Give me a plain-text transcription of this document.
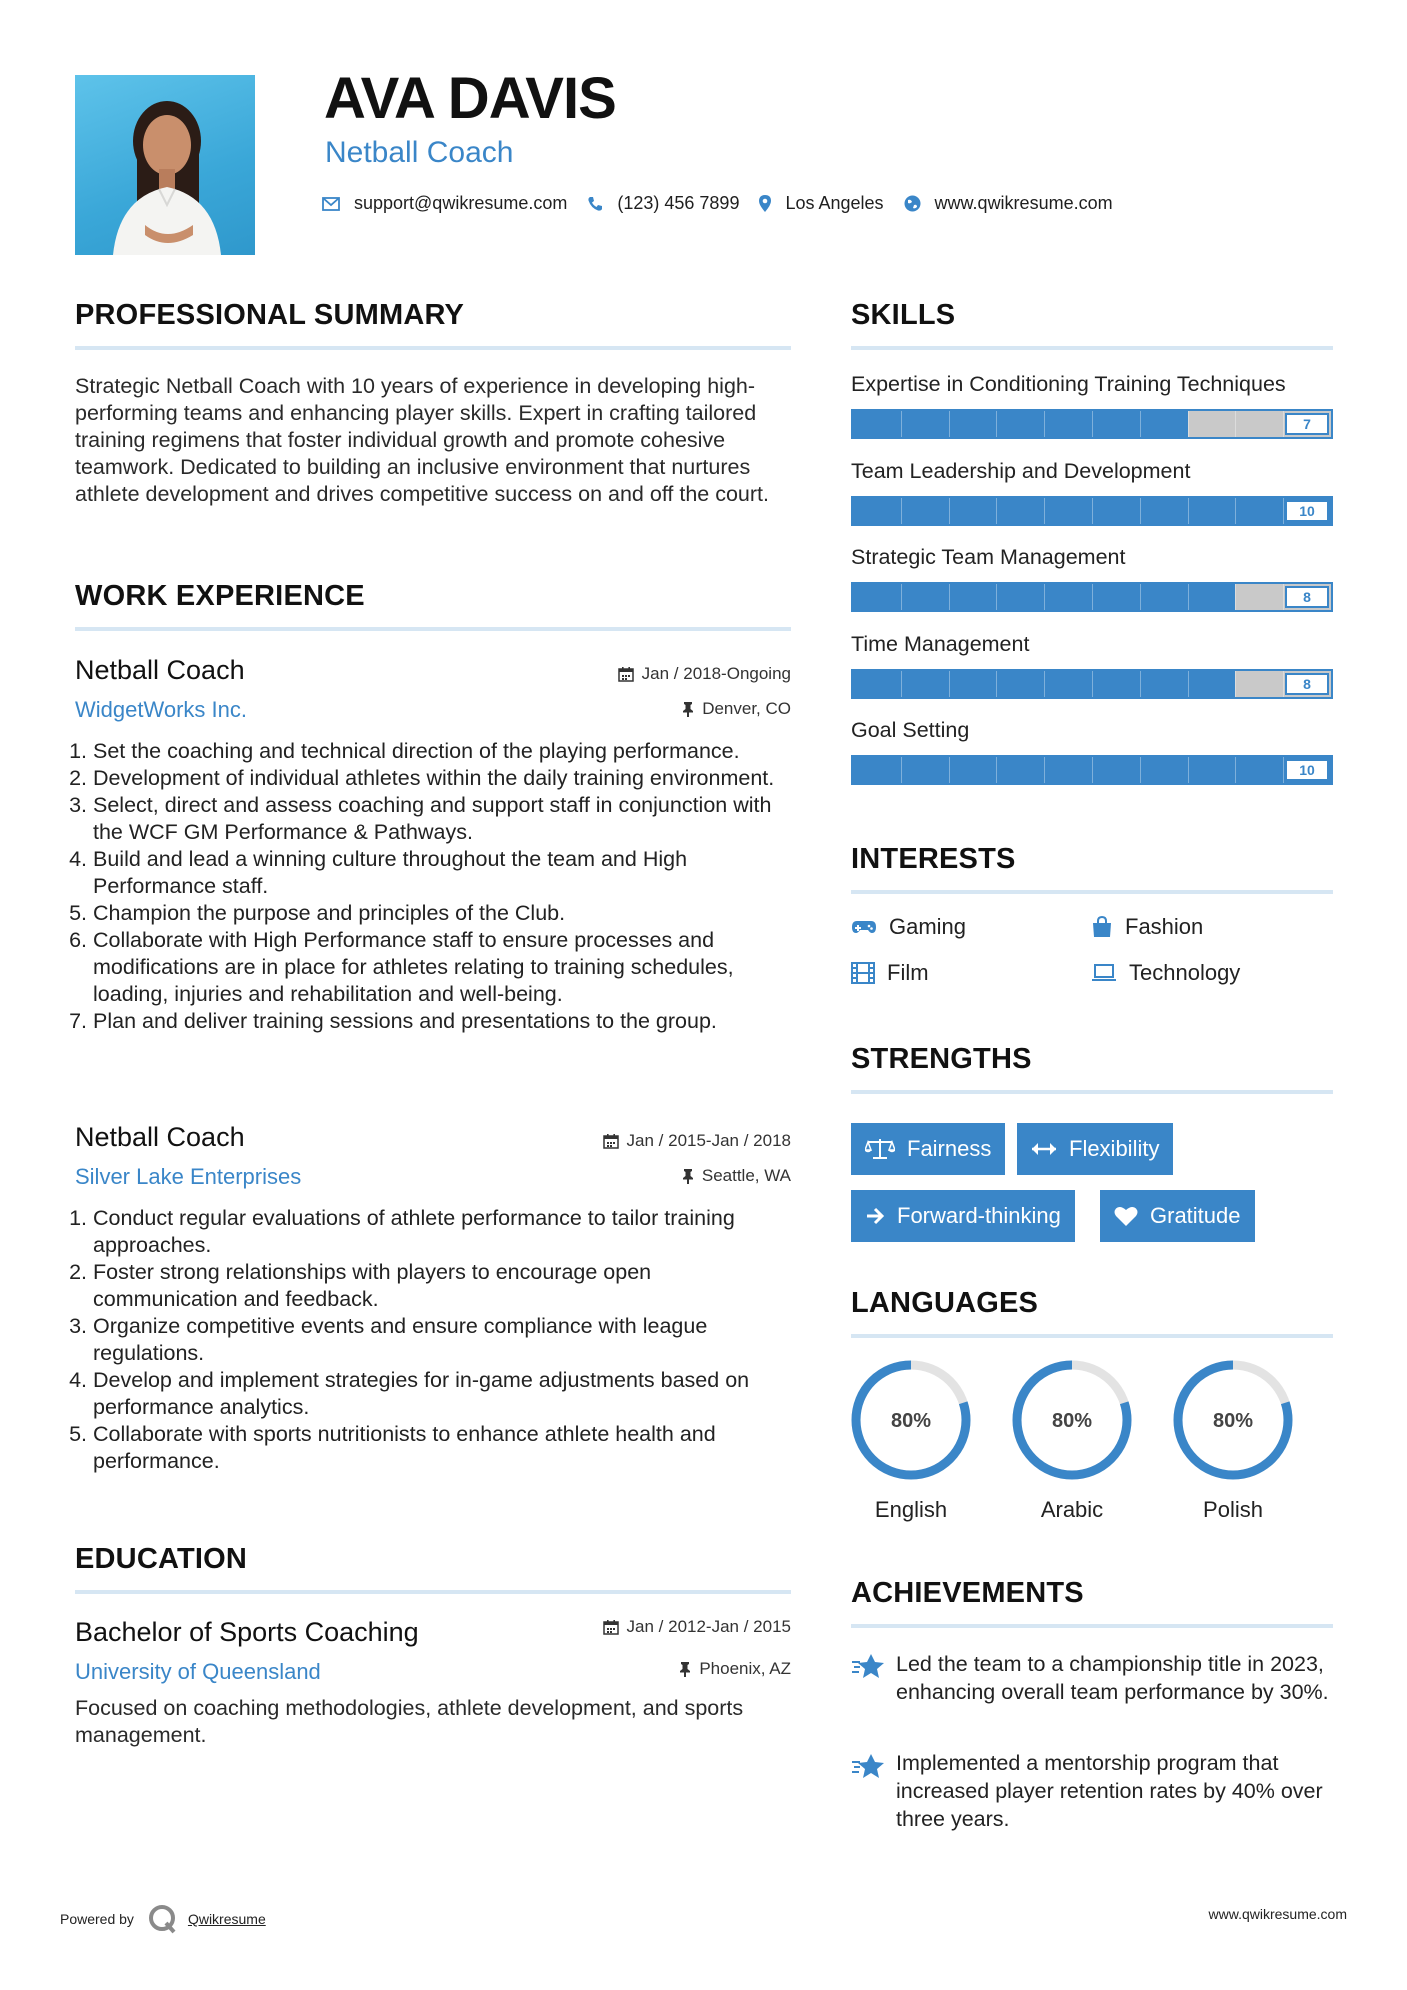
AVA DAVIS
Netball Coach
support@qwikresume.com	(123) 456 7899	Los Angeles	www.qwikresume.com
PROFESSIONAL SUMMARY
Strategic Netball Coach with 10 years of experience in developing high-performing teams and enhancing player skills. Expert in crafting tailored training regimens that foster individual growth and promote cohesive teamwork. Dedicated to building an inclusive environment that nurtures athlete development and drives competitive success on and off the court.
WORK EXPERIENCE
Netball Coach	Jan / 2018-Ongoing
WidgetWorks Inc.	Denver, CO
1. Set the coaching and technical direction of the playing performance.
2. Development of individual athletes within the daily training environment.
3. Select, direct and assess coaching and support staff in conjunction with the WCF GM Performance & Pathways.
4. Build and lead a winning culture throughout the team and High Performance staff.
5. Champion the purpose and principles of the Club.
6. Collaborate with High Performance staff to ensure processes and modifications are in place for athletes relating to training schedules, loading, injuries and rehabilitation and well-being.
7. Plan and deliver training sessions and presentations to the group.
Netball Coach	Jan / 2015-Jan / 2018
Silver Lake Enterprises	Seattle, WA
1. Conduct regular evaluations of athlete performance to tailor training approaches.
2. Foster strong relationships with players to encourage open communication and feedback.
3. Organize competitive events and ensure compliance with league regulations.
4. Develop and implement strategies for in-game adjustments based on performance analytics.
5. Collaborate with sports nutritionists to enhance athlete health and performance.
EDUCATION
Bachelor of Sports Coaching	Jan / 2012-Jan / 2015
University of Queensland	Phoenix, AZ
Focused on coaching methodologies, athlete development, and sports management.
SKILLS
Expertise in Conditioning Training Techniques
7
Team Leadership and Development
10
Strategic Team Management
8
Time Management
8
Goal Setting
10
INTERESTS
Gaming	Fashion
Film	Technology
STRENGTHS
Fairness	Flexibility
Forward-thinking	Gratitude
LANGUAGES
80%
English
80%
Arabic
80%
Polish
ACHIEVEMENTS
Led the team to a championship title in 2023, enhancing overall team performance by 30%.
Implemented a mentorship program that increased player retention rates by 40% over three years.
Powered by	Qwikresume	www.qwikresume.com
